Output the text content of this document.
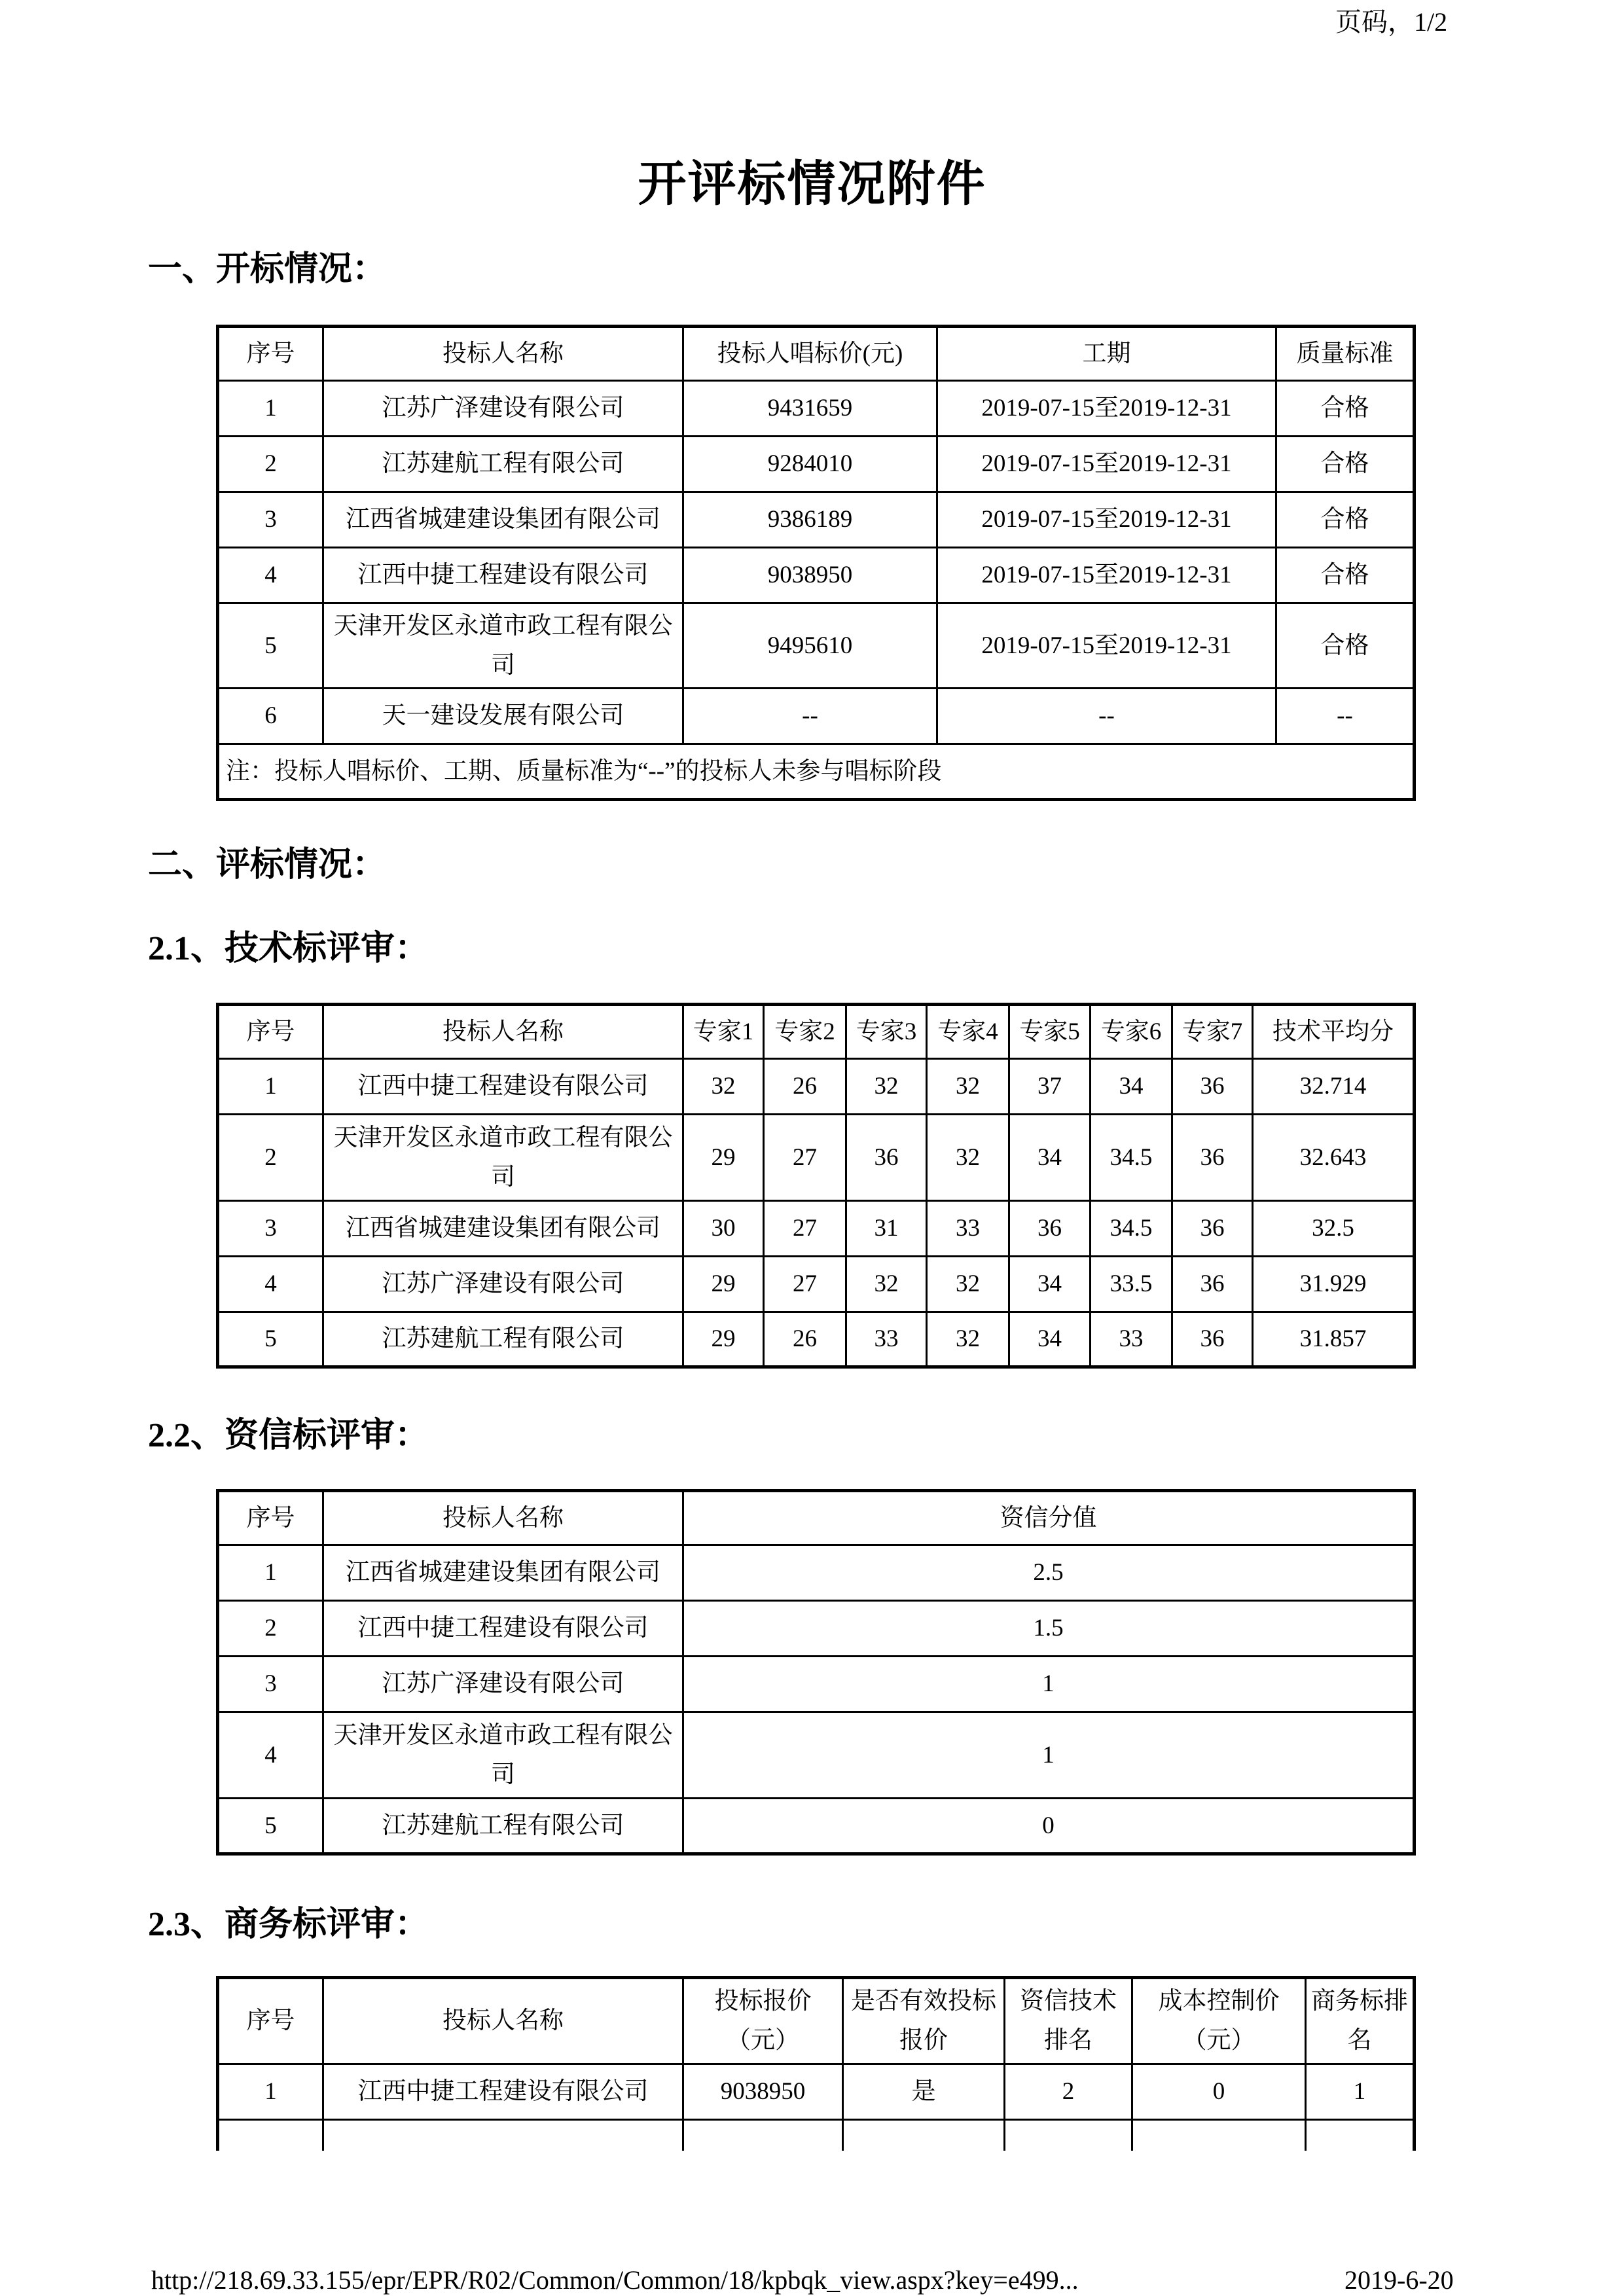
页码，1/2
开评标情况附件
一、开标情况：
序号	投标人名称	投标人唱标价(元)	工期	质量标准
1	江苏广泽建设有限公司	9431659	2019-07-15至2019-12-31	合格
2	江苏建航工程有限公司	9284010	2019-07-15至2019-12-31	合格
3	江西省城建建设集团有限公司	9386189	2019-07-15至2019-12-31	合格
4	江西中捷工程建设有限公司	9038950	2019-07-15至2019-12-31	合格
5	天津开发区永道市政工程有限公司	9495610	2019-07-15至2019-12-31	合格
6	天一建设发展有限公司	--	--	--
注：投标人唱标价、工期、质量标准为“--”的投标人未参与唱标阶段				
二、评标情况：
2.1、技术标评审：
序号	投标人名称	专家1	专家2	专家3	专家4	专家5	专家6	专家7	技术平均分
1	江西中捷工程建设有限公司	32	26	32	32	37	34	36	32.714
2	天津开发区永道市政工程有限公司	29	27	36	32	34	34.5	36	32.643
3	江西省城建建设集团有限公司	30	27	31	33	36	34.5	36	32.5
4	江苏广泽建设有限公司	29	27	32	32	34	33.5	36	31.929
5	江苏建航工程有限公司	29	26	33	32	34	33	36	31.857
2.2、资信标评审：
序号	投标人名称	资信分值
1	江西省城建建设集团有限公司	2.5
2	江西中捷工程建设有限公司	1.5
3	江苏广泽建设有限公司	1
4	天津开发区永道市政工程有限公司	1
5	江苏建航工程有限公司	0
2.3、商务标评审：
序号	投标人名称	投标报价（元）	是否有效投标报价	资信技术排名	成本控制价（元）	商务标排名
1	江西中捷工程建设有限公司	9038950	是	2	0	1

http://218.69.33.155/epr/EPR/R02/Common/Common/18/kpbqk_view.aspx?key=e499...	2019-6-20
